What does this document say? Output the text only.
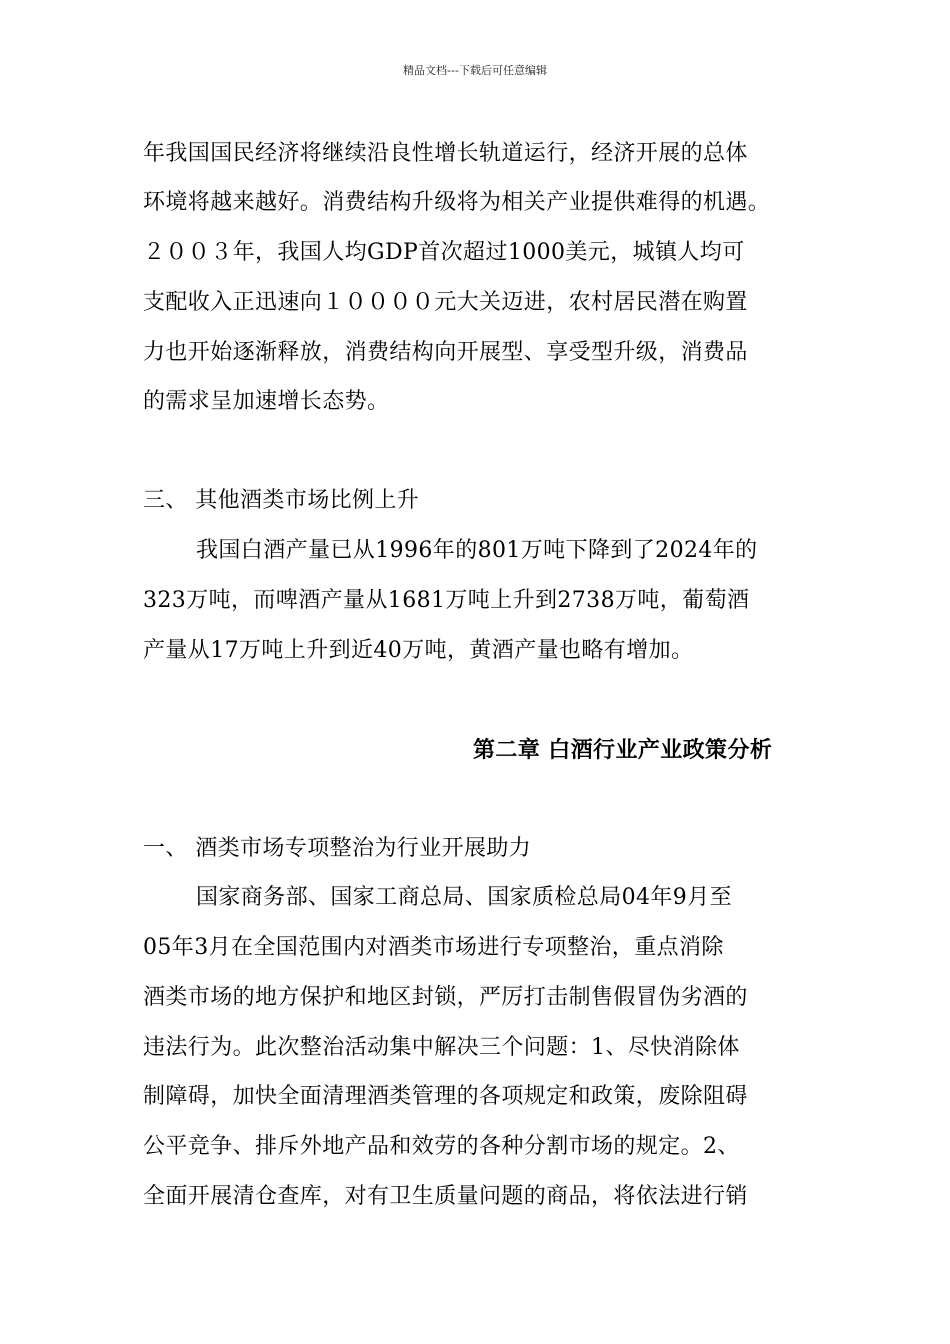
精品文档---下载后可任意编辑
年我国国民经济将继续沿良性增长轨道运行，经济开展的总体
环境将越来越好。消费结构升级将为相关产业提供难得的机遇。
２００３年，我国人均GDP首次超过1000美元，城镇人均可
支配收入正迅速向１００００元大关迈进，农村居民潜在购置
力也开始逐渐释放，消费结构向开展型、享受型升级，消费品
的需求呈加速增长态势。
三、 其他酒类市场比例上升
我国白酒产量已从1996年的801万吨下降到了2024年的
323万吨，而啤酒产量从1681万吨上升到2738万吨，葡萄酒
产量从17万吨上升到近40万吨，黄酒产量也略有增加。
第二章 白酒行业产业政策分析
一、 酒类市场专项整治为行业开展助力
国家商务部、国家工商总局、国家质检总局04年9月至
05年3月在全国范围内对酒类市场进行专项整治，重点消除
酒类市场的地方保护和地区封锁，严厉打击制售假冒伪劣酒的
违法行为。此次整治活动集中解决三个问题：1、尽快消除体
制障碍，加快全面清理酒类管理的各项规定和政策，废除阻碍
公平竞争、排斥外地产品和效劳的各种分割市场的规定。2、
全面开展清仓查库，对有卫生质量问题的商品，将依法进行销
